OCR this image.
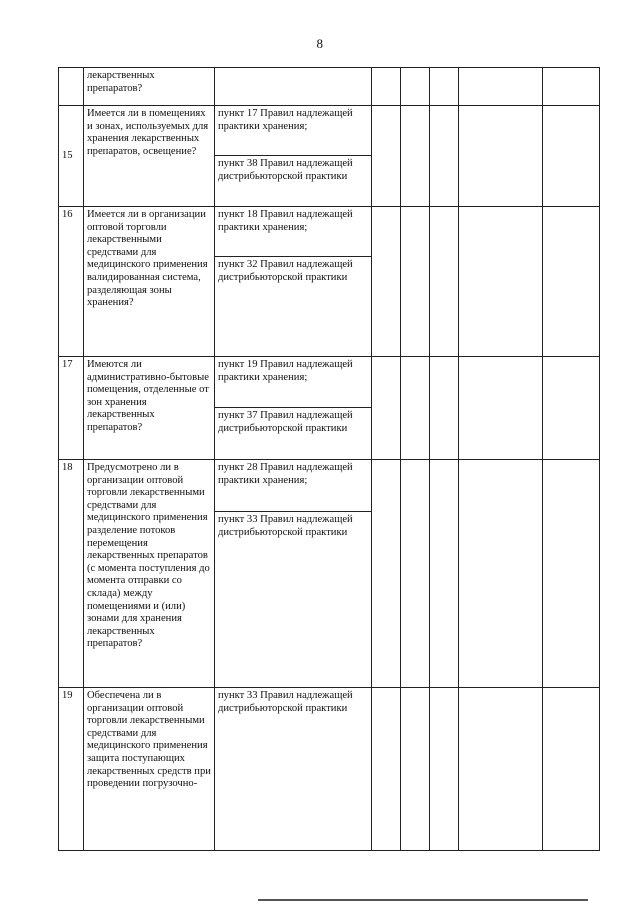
8
	лекарственных препаратов?						
15	Имеется ли в помещениях и зонах, используемых для хранения лекарственных препаратов, освещение?	пункт 17 Правил надлежащей практики хранения;					
		пункт 38 Правил надлежащей дистрибьюторской практики					
16	Имеется ли в организации оптовой торговли лекарственными средствами для медицинского применения валидированная система, разделяющая зоны хранения?	пункт 18 Правил надлежащей практики хранения;					
		пункт 32 Правил надлежащей дистрибьюторской практики					
17	Имеются ли административно-бытовые помещения, отделенные от зон хранения лекарственных препаратов?	пункт 19 Правил надлежащей практики хранения;					
		пункт 37 Правил надлежащей дистрибьюторской практики					
18	Предусмотрено ли в организации оптовой торговли лекарственными средствами для медицинского применения разделение потоков перемещения лекарственных препаратов (с момента поступления до момента отправки со склада) между помещениями и (или) зонами для хранения лекарственных препаратов?	пункт 28 Правил надлежащей практики хранения;					
		пункт 33 Правил надлежащей дистрибьюторской практики					
19	Обеспечена ли в организации оптовой торговли лекарственными средствами для медицинского применения защита поступающих лекарственных средств при проведении погрузочно-	пункт 33 Правил надлежащей дистрибьюторской практики					
